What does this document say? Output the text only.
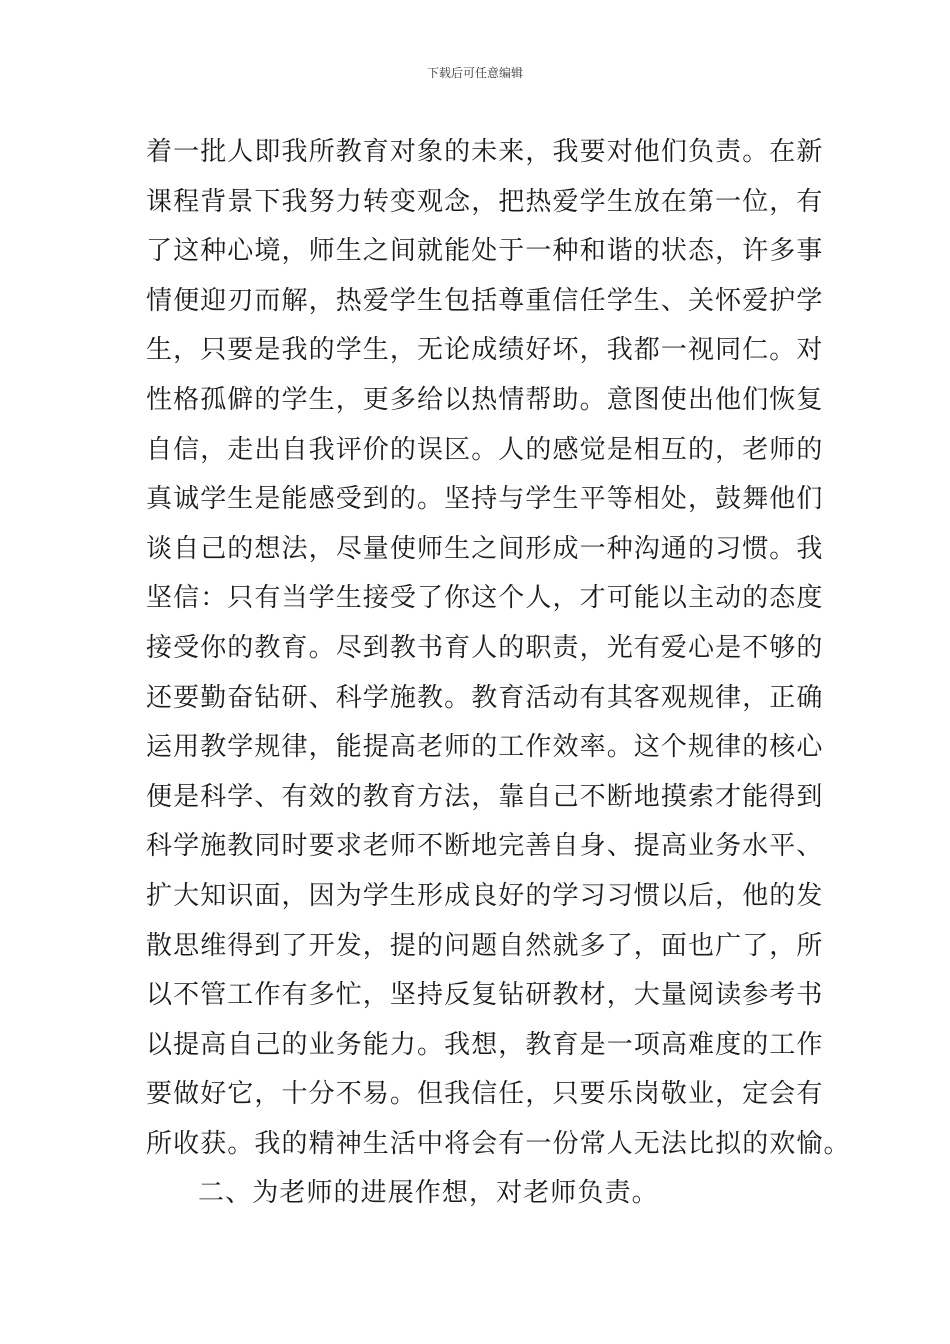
下载后可任意编辑
着一批人即我所教育对象的未来，我要对他们负责。在新
课程背景下我努力转变观念，把热爱学生放在第一位，有
了这种心境，师生之间就能处于一种和谐的状态，许多事
情便迎刃而解，热爱学生包括尊重信任学生、关怀爱护学
生，只要是我的学生，无论成绩好坏，我都一视同仁。对
性格孤僻的学生，更多给以热情帮助。意图使出他们恢复
自信，走出自我评价的误区。人的感觉是相互的，老师的
真诚学生是能感受到的。坚持与学生平等相处，鼓舞他们
谈自己的想法，尽量使师生之间形成一种沟通的习惯。我
坚信：只有当学生接受了你这个人，才可能以主动的态度
接受你的教育。尽到教书育人的职责，光有爱心是不够的
还要勤奋钻研、科学施教。教育活动有其客观规律，正确
运用教学规律，能提高老师的工作效率。这个规律的核心
便是科学、有效的教育方法，靠自己不断地摸索才能得到
科学施教同时要求老师不断地完善自身、提高业务水平、
扩大知识面，因为学生形成良好的学习习惯以后，他的发
散思维得到了开发，提的问题自然就多了，面也广了，所
以不管工作有多忙，坚持反复钻研教材，大量阅读参考书
以提高自己的业务能力。我想，教育是一项高难度的工作
要做好它，十分不易。但我信任，只要乐岗敬业，定会有
所收获。我的精神生活中将会有一份常人无法比拟的欢愉。
二、为老师的进展作想，对老师负责。
